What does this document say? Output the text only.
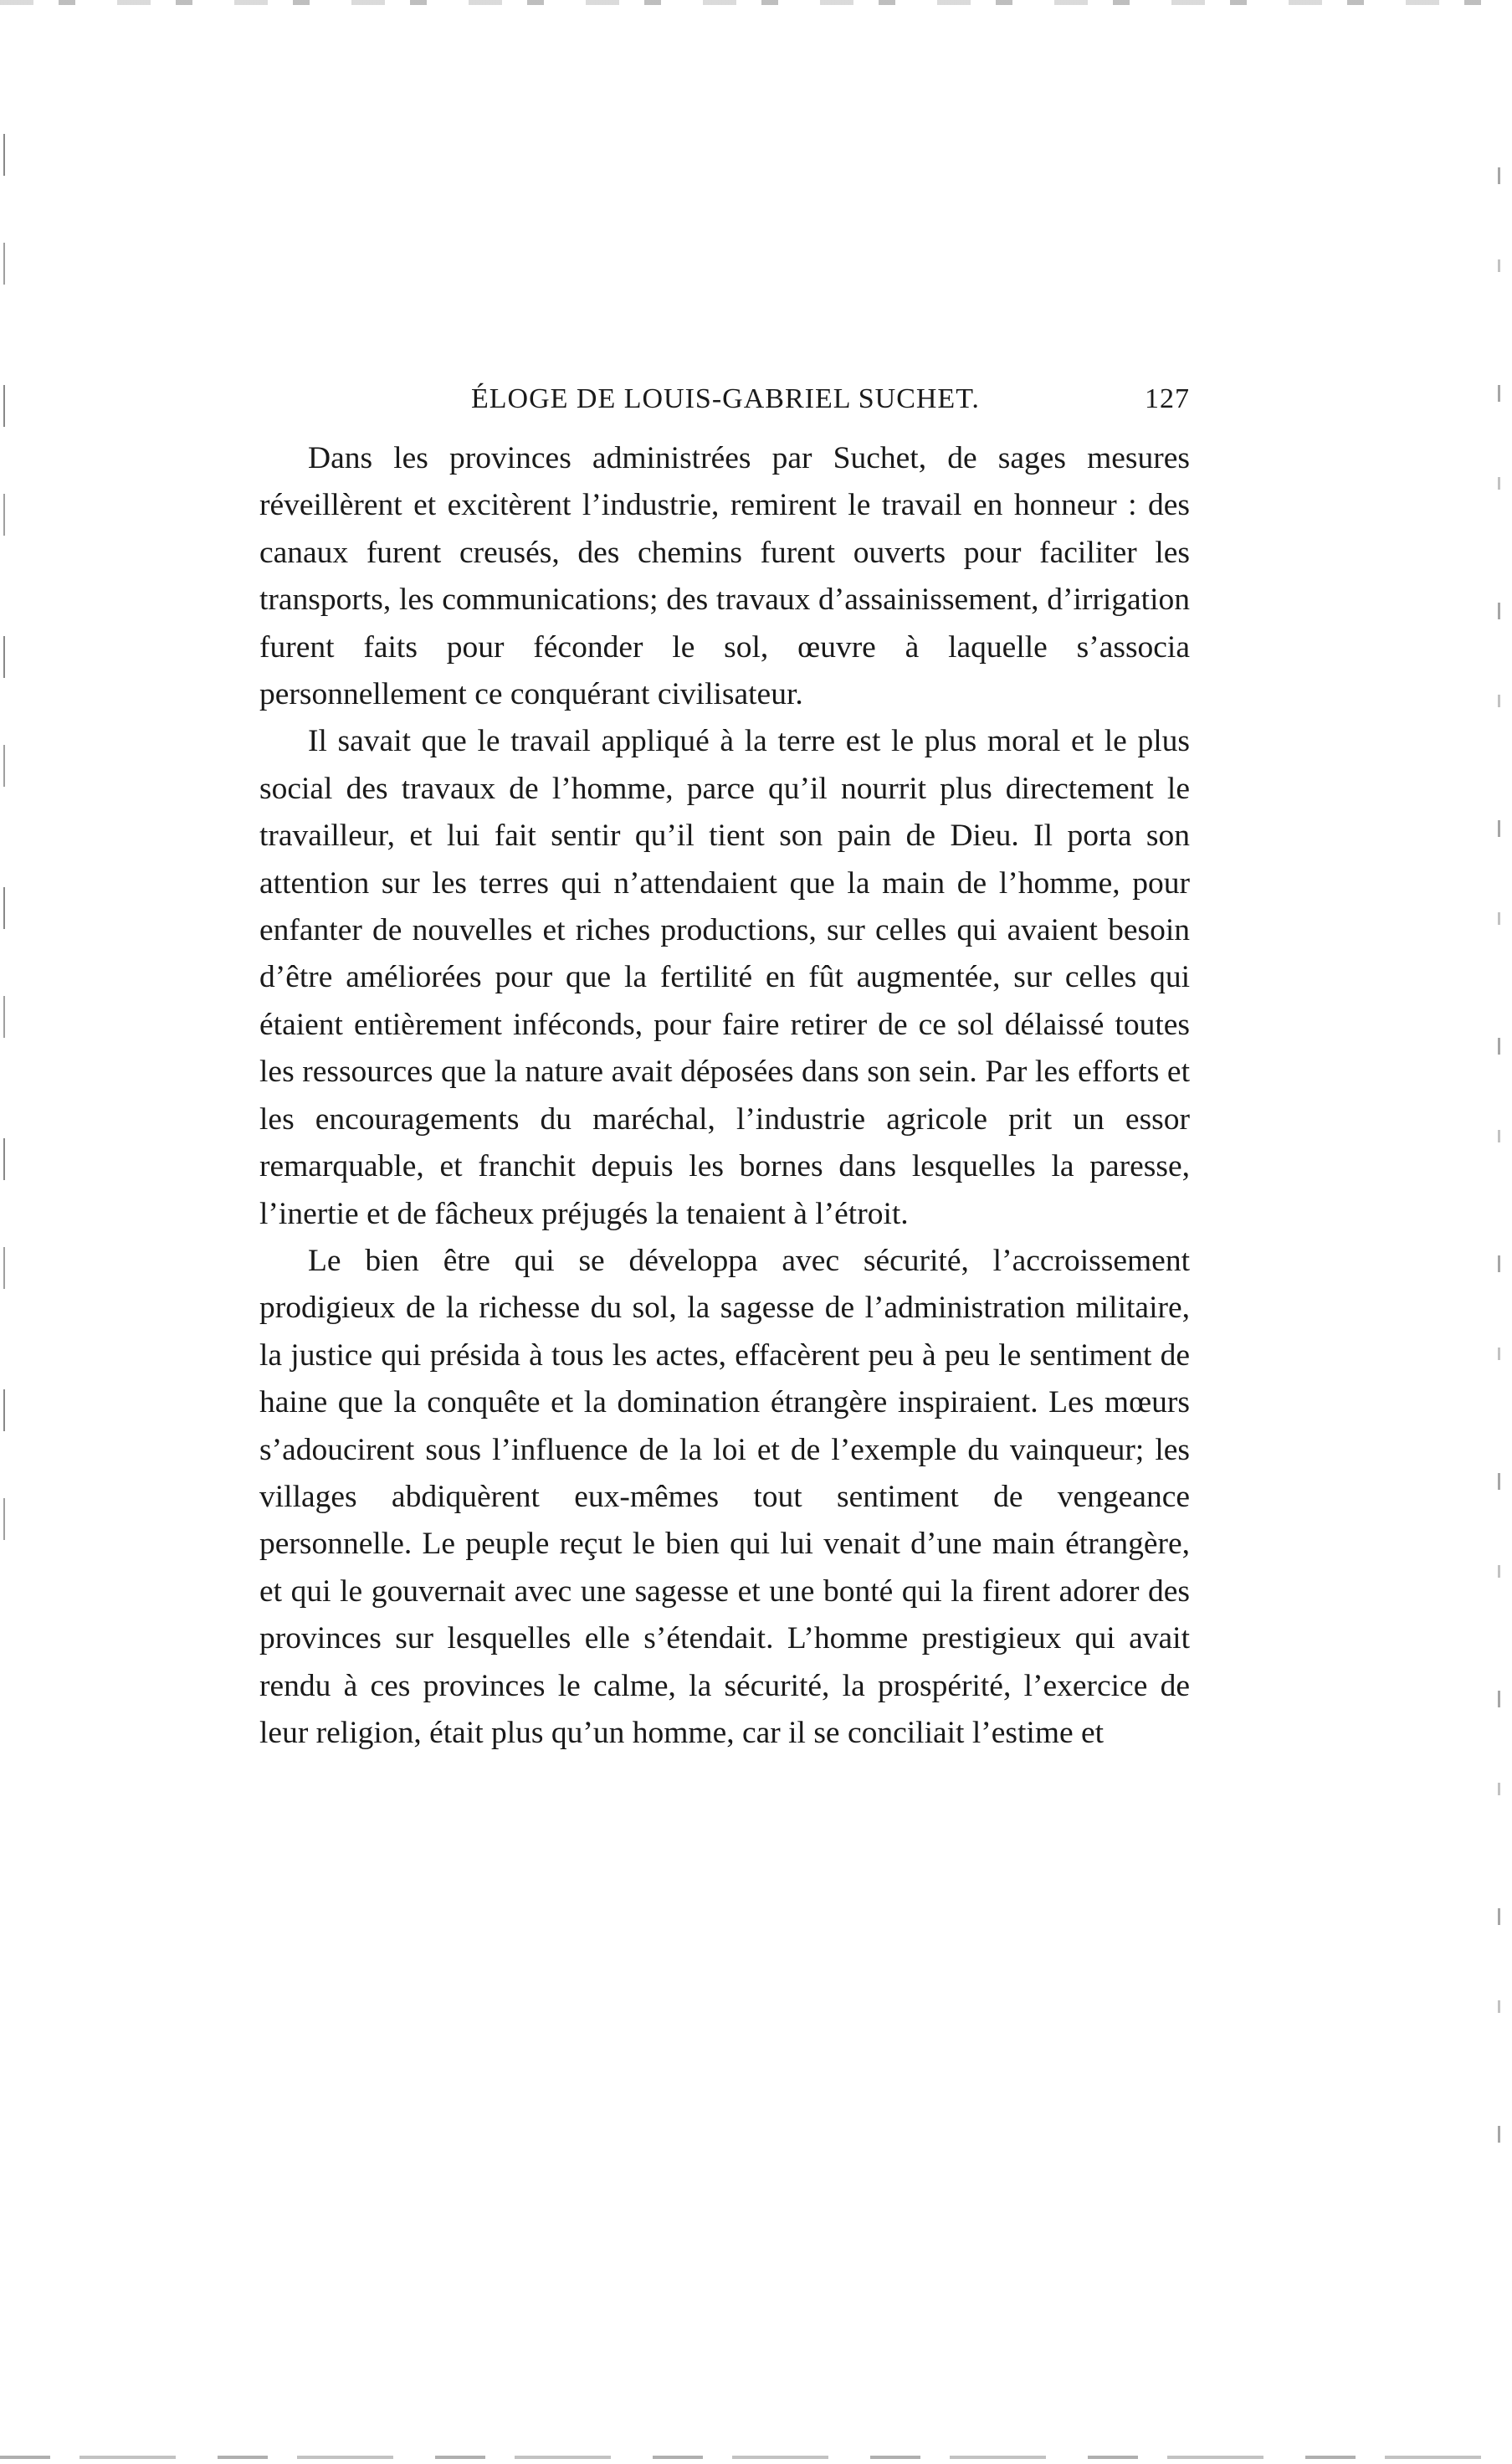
ÉLOGE DE LOUIS-GABRIEL SUCHET.	127

Dans les provinces administrées par Suchet, de sages mesures réveillèrent et excitèrent l’industrie, remirent le travail en honneur : des canaux furent creusés, des chemins furent ouverts pour faciliter les transports, les communications; des travaux d’assainissement, d’irrigation furent faits pour féconder le sol, œuvre à laquelle s’associa personnellement ce conquérant civilisateur.

Il savait que le travail appliqué à la terre est le plus moral et le plus social des travaux de l’homme, parce qu’il nourrit plus directement le travailleur, et lui fait sentir qu’il tient son pain de Dieu. Il porta son attention sur les terres qui n’attendaient que la main de l’homme, pour enfanter de nouvelles et riches productions, sur celles qui avaient besoin d’être améliorées pour que la fertilité en fût augmentée, sur celles qui étaient entièrement inféconds, pour faire retirer de ce sol délaissé toutes les ressources que la nature avait déposées dans son sein. Par les efforts et les encouragements du maréchal, l’industrie agricole prit un essor remarquable, et franchit depuis les bornes dans lesquelles la paresse, l’inertie et de fâcheux préjugés la tenaient à l’étroit.

Le bien être qui se développa avec sécurité, l’accroissement prodigieux de la richesse du sol, la sagesse de l’administration militaire, la justice qui présida à tous les actes, effacèrent peu à peu le sentiment de haine que la conquête et la domination étrangère inspiraient. Les mœurs s’adoucirent sous l’influence de la loi et de l’exemple du vainqueur; les villages abdiquèrent eux-mêmes tout sentiment de vengeance personnelle. Le peuple reçut le bien qui lui venait d’une main étrangère, et qui le gouvernait avec une sagesse et une bonté qui la firent adorer des provinces sur lesquelles elle s’étendait. L’homme prestigieux qui avait rendu à ces provinces le calme, la sécurité, la prospérité, l’exercice de leur religion, était plus qu’un homme, car il se conciliait l’estime et
